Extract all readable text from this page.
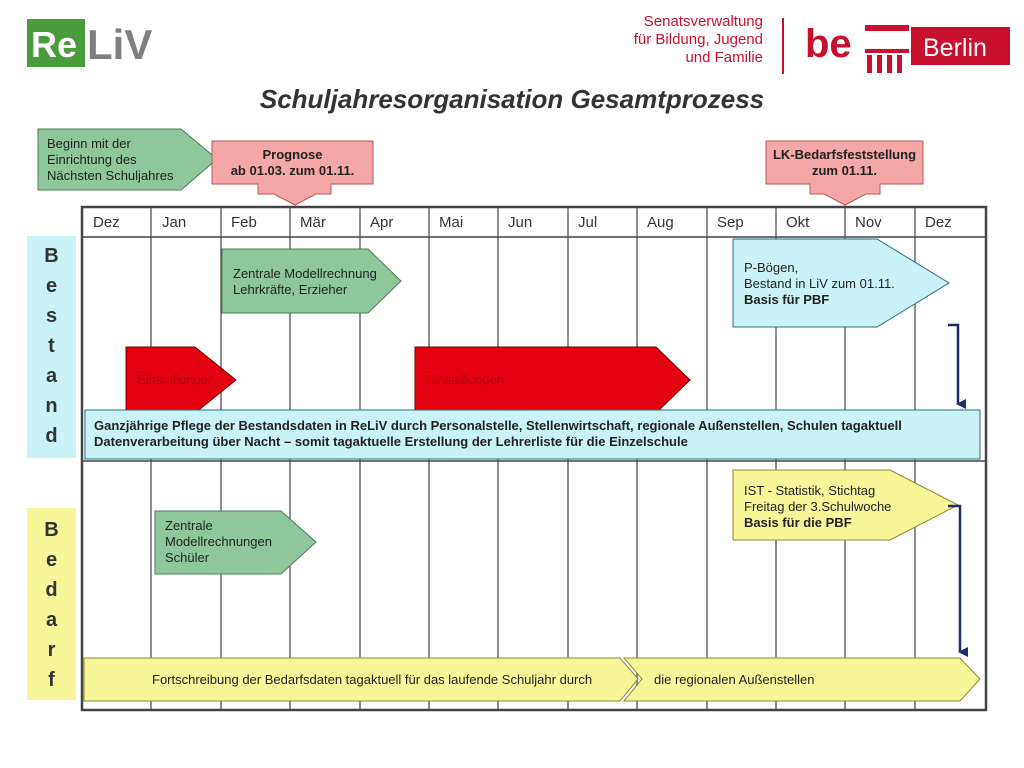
Re LiV	Senatsverwaltung
für Bildung, Jugend
und Familie be	Berlin
Schuljahresorganisation Gesamtprozess
Dez	Jan	Feb	Mär	Apr	Mai	Jun	Jul	Aug	Sep	Okt	Nov	Dez
B
e
s
t
a
n
d
B
e
d
a
r
f
Beginn mit der
Einrichtung des
Nächsten Schuljahres
Prognose
ab 01.03. zum 01.11.
LK-Bedarfsfeststellung
zum 01.11.
Zentrale Modellrechnung
Lehrkräfte, Erzieher
P-Bögen,
Bestand in LiV zum 01.11.
Basis für PBF
Einstellungen	Einstellungen
Ganzjährige Pflege der Bestandsdaten in ReLiV durch Personalstelle, Stellenwirtschaft, regionale Außenstellen, Schulen tagaktuell
Datenverarbeitung über Nacht – somit tagaktuelle Erstellung der Lehrerliste für die Einzelschule
IST - Statistik, Stichtag
Freitag der 3.Schulwoche
Basis für die PBF
Zentrale
Modellrechnungen
Schüler
Fortschreibung der Bedarfsdaten tagaktuell für das laufende Schuljahr durch	die regionalen Außenstellen
